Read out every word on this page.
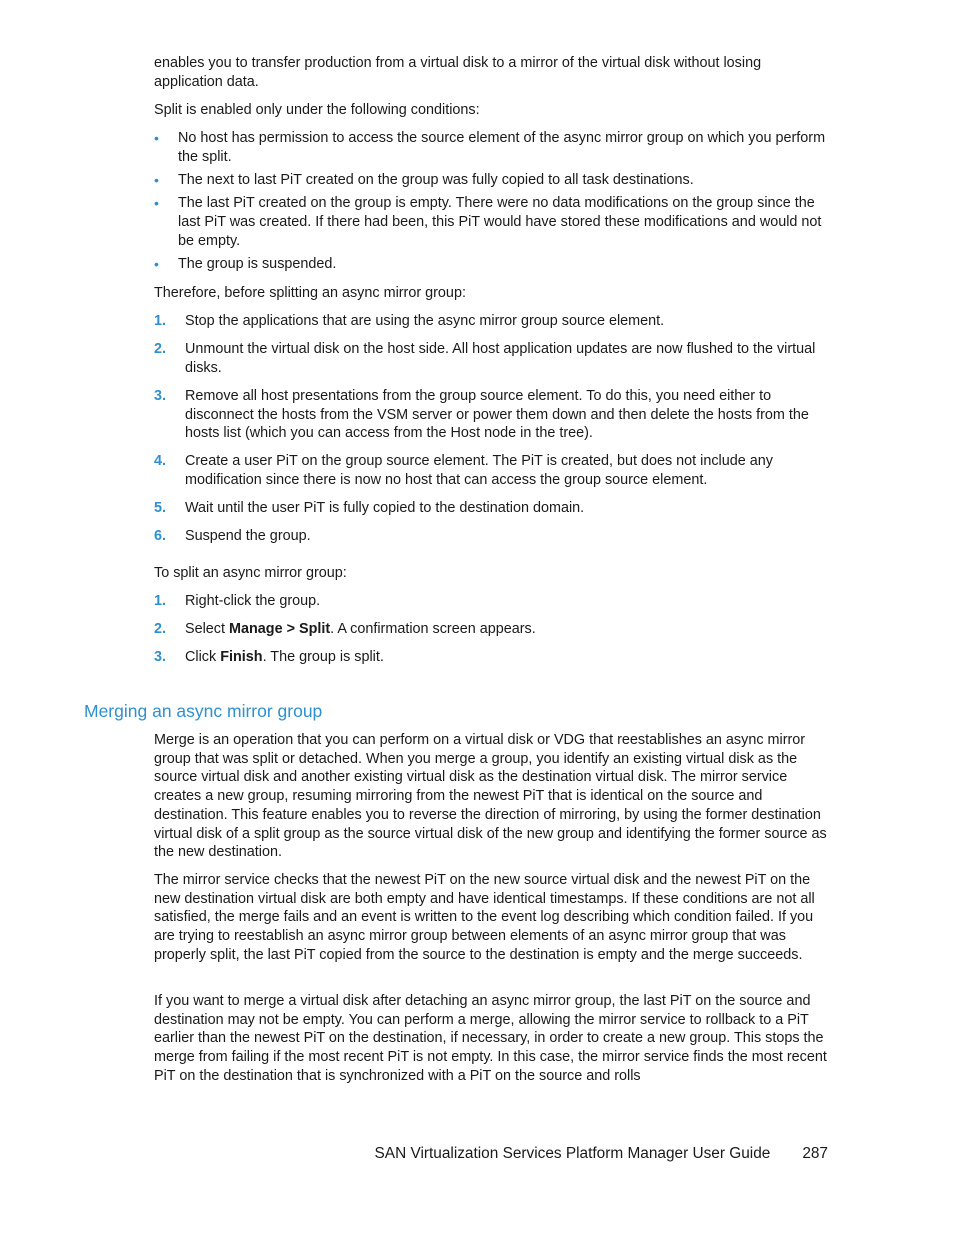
enables you to transfer production from a virtual disk to a mirror of the virtual disk without losing application data.

Split is enabled only under the following conditions:

• No host has permission to access the source element of the async mirror group on which you perform the split.
• The next to last PiT created on the group was fully copied to all task destinations.
• The last PiT created on the group is empty. There were no data modifications on the group since the last PiT was created. If there had been, this PiT would have stored these modifications and would not be empty.
• The group is suspended.

Therefore, before splitting an async mirror group:

1. Stop the applications that are using the async mirror group source element.
2. Unmount the virtual disk on the host side. All host application updates are now flushed to the virtual disks.
3. Remove all host presentations from the group source element. To do this, you need either to disconnect the hosts from the VSM server or power them down and then delete the hosts from the hosts list (which you can access from the Host node in the tree).
4. Create a user PiT on the group source element. The PiT is created, but does not include any modification since there is now no host that can access the group source element.
5. Wait until the user PiT is fully copied to the destination domain.
6. Suspend the group.

To split an async mirror group:

1. Right-click the group.
2. Select Manage > Split. A confirmation screen appears.
3. Click Finish. The group is split.
Merging an async mirror group

Merge is an operation that you can perform on a virtual disk or VDG that reestablishes an async mirror group that was split or detached. When you merge a group, you identify an existing virtual disk as the source virtual disk and another existing virtual disk as the destination virtual disk. The mirror service creates a new group, resuming mirroring from the newest PiT that is identical on the source and destination. This feature enables you to reverse the direction of mirroring, by using the former destination virtual disk of a split group as the source virtual disk of the new group and identifying the former source as the new destination.

The mirror service checks that the newest PiT on the new source virtual disk and the newest PiT on the new destination virtual disk are both empty and have identical timestamps. If these conditions are not all satisfied, the merge fails and an event is written to the event log describing which condition failed. If you are trying to reestablish an async mirror group between elements of an async mirror group that was properly split, the last PiT copied from the source to the destination is empty and the merge succeeds.

If you want to merge a virtual disk after detaching an async mirror group, the last PiT on the source and destination may not be empty. You can perform a merge, allowing the mirror service to rollback to a PiT earlier than the newest PiT on the destination, if necessary, in order to create a new group. This stops the merge from failing if the most recent PiT is not empty. In this case, the mirror service finds the most recent PiT on the destination that is synchronized with a PiT on the source and rolls

SAN Virtualization Services Platform Manager User Guide 287
